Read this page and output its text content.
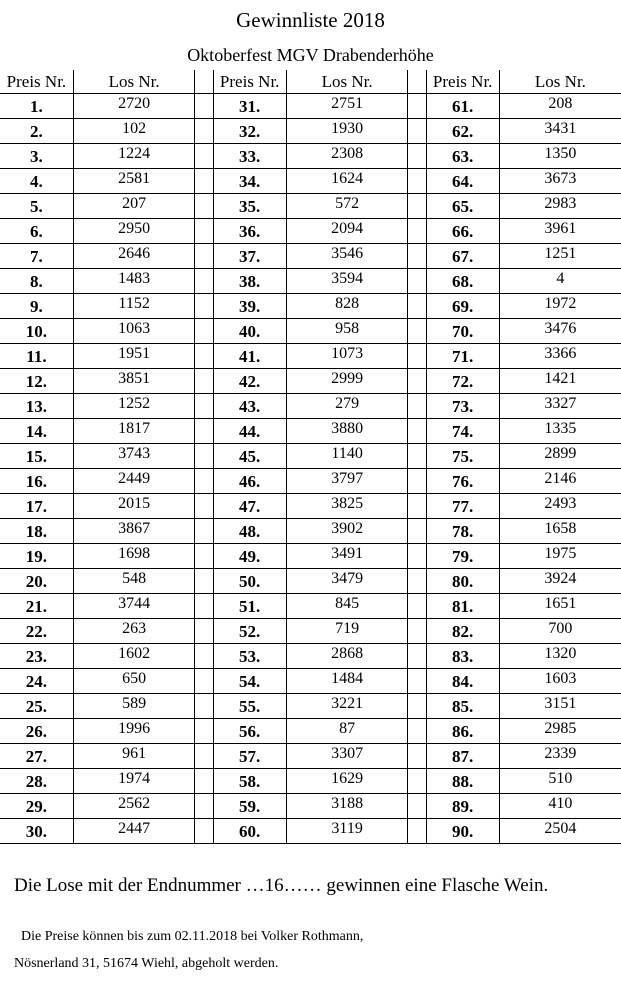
Gewinnliste 2018
Oktoberfest MGV Drabenderhöhe
Preis Nr.	Los Nr.		Preis Nr.	Los Nr.		Preis Nr.	Los Nr.
1.	2720		31.	2751		61.	208
2.	102		32.	1930		62.	3431
3.	1224		33.	2308		63.	1350
4.	2581		34.	1624		64.	3673
5.	207		35.	572		65.	2983
6.	2950		36.	2094		66.	3961
7.	2646		37.	3546		67.	1251
8.	1483		38.	3594		68.	4
9.	1152		39.	828		69.	1972
10.	1063		40.	958		70.	3476
11.	1951		41.	1073		71.	3366
12.	3851		42.	2999		72.	1421
13.	1252		43.	279		73.	3327
14.	1817		44.	3880		74.	1335
15.	3743		45.	1140		75.	2899
16.	2449		46.	3797		76.	2146
17.	2015		47.	3825		77.	2493
18.	3867		48.	3902		78.	1658
19.	1698		49.	3491		79.	1975
20.	548		50.	3479		80.	3924
21.	3744		51.	845		81.	1651
22.	263		52.	719		82.	700
23.	1602		53.	2868		83.	1320
24.	650		54.	1484		84.	1603
25.	589		55.	3221		85.	3151
26.	1996		56.	87		86.	2985
27.	961		57.	3307		87.	2339
28.	1974		58.	1629		88.	510
29.	2562		59.	3188		89.	410
30.	2447		60.	3119		90.	2504
Die Lose mit der Endnummer …16…… gewinnen eine Flasche Wein.
Die Preise können bis zum 02.11.2018 bei Volker Rothmann,
Nösnerland 31, 51674 Wiehl, abgeholt werden.
